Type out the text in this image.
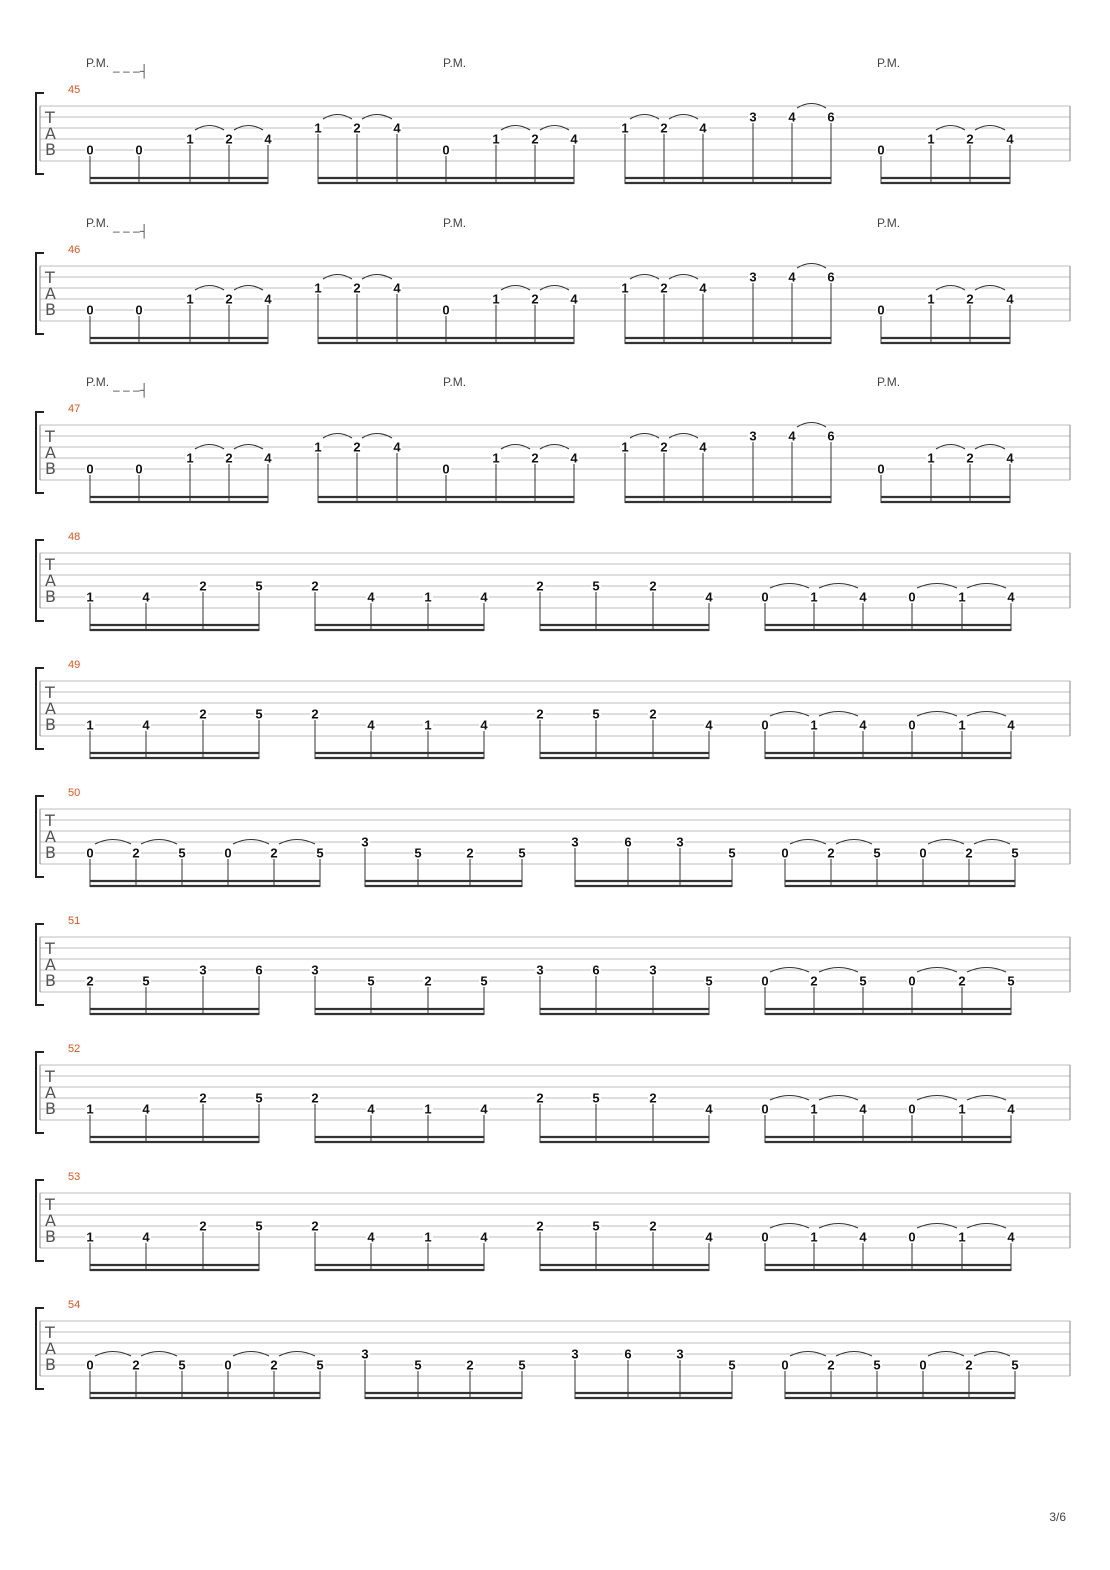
P.M.
– – –┤
P.M.	P.M.
45
T
A
B 0	0
1 2 4
1 2	4
0
1 2 4
1 2 4
3 4 6
0
1 2	4
P.M.
– – –┤
P.M.	P.M.
46
T
A
B 0	0
1 2 4
1 2	4
0
1 2 4
1 2 4
3 4 6
0
1 2	4
P.M.
– – –┤
P.M.	P.M.
47
T
A
B 0	0
1 2 4
1 2	4
0
1 2 4
1 2 4
3 4 6
0
1 2	4
48
T
A
B 1	4
2	5	2
4	1	4
2	5	2
4	0	1	4	0	1	4
49
T
A
B 1	4
2	5	2
4	1	4
2	5	2
4	0	1	4	0	1	4
50
T
A
B 0	2	5	0	2	5
3
5	2	5
3	6	3
5	0	2	5	0	2	5
51
T
A
B 2	5
3	6	3
5	2	5
3	6	3
5	0	2	5	0	2	5
52
T
A
B 1	4
2	5	2
4	1	4
2	5	2
4	0	1	4	0	1	4
53
T
A
B 1	4
2	5	2
4	1	4
2	5	2
4	0	1	4	0	1	4
54
T
A
B 0	2	5	0	2	5
3
5	2	5
3	6	3
5	0	2	5	0	2	5
3/6
